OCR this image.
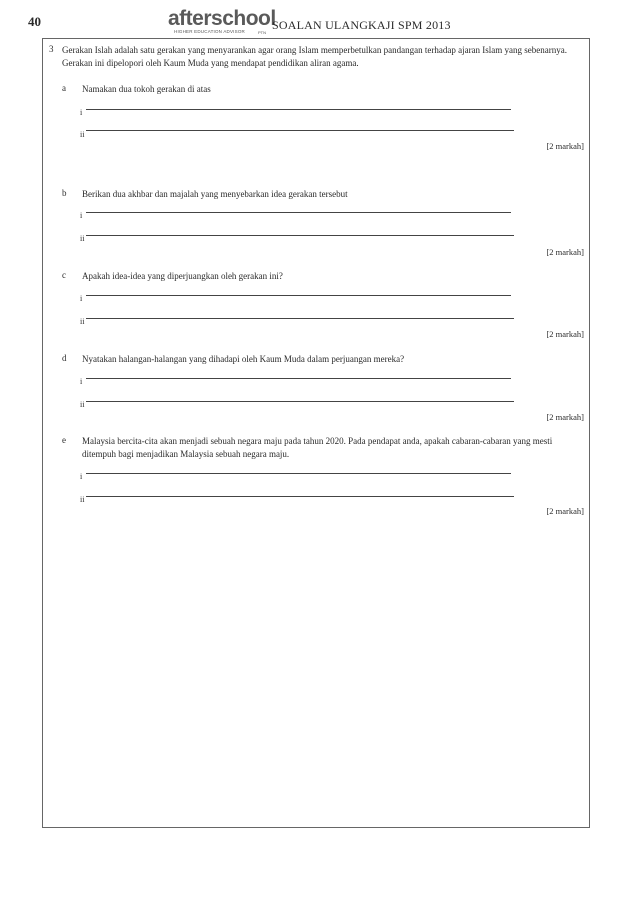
40	afterschool
HIGHER EDUCATION ADVISOR	PTN
SOALAN ULANGKAJI SPM 2013
3 Gerakan Islah adalah satu gerakan yang menyarankan agar orang Islam memperbetulkan pandangan terhadap ajaran Islam yang sebenarnya. Gerakan ini dipelopori oleh Kaum Muda yang mendapat pendidikan aliran agama.
a Namakan dua tokoh gerakan di atas
i
ii
[2 markah]
b Berikan dua akhbar dan majalah yang menyebarkan idea gerakan tersebut
i
ii
[2 markah]
c Apakah idea-idea yang diperjuangkan oleh gerakan ini?
i
ii
[2 markah]
d Nyatakan halangan-halangan yang dihadapi oleh Kaum Muda dalam perjuangan mereka?
i
ii
[2 markah]
e Malaysia bercita-cita akan menjadi sebuah negara maju pada tahun 2020. Pada pendapat anda, apakah cabaran-cabaran yang mesti ditempuh bagi menjadikan Malaysia sebuah negara maju.
i
ii
[2 markah]
